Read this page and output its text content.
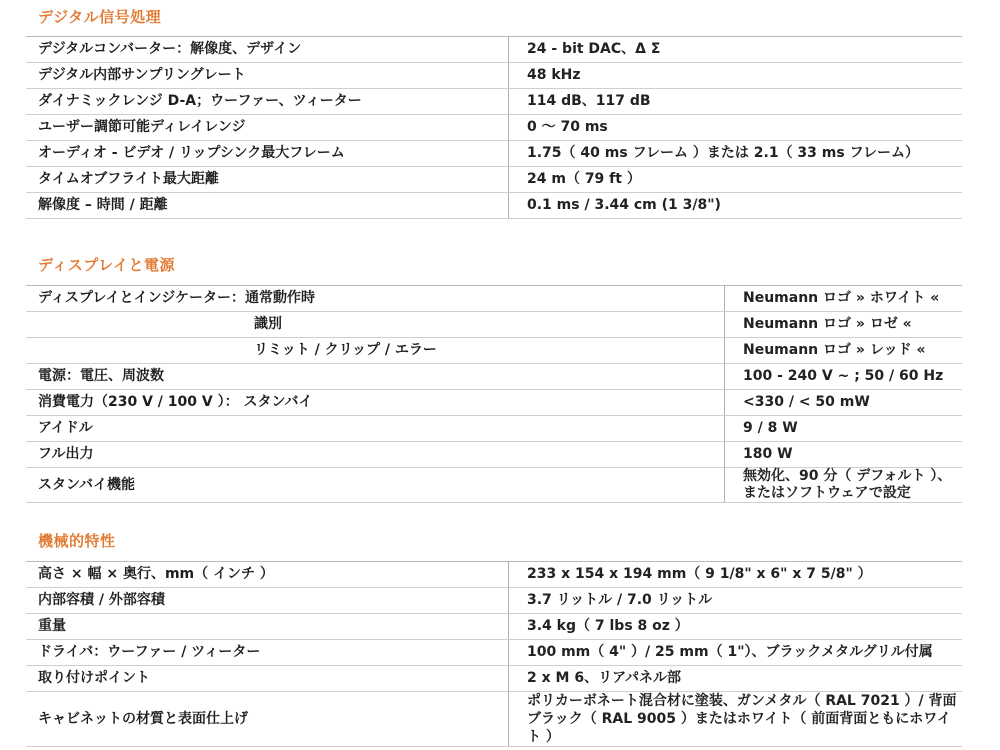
デジタル信号処理
デジタルコンバーター：解像度、デザイン	24 - bit DAC、Δ Σ
デジタル内部サンプリングレート	48 kHz
ダイナミックレンジ D-A；ウーファー、ツィーター	114 dB、117 dB
ユーザー調節可能ディレイレンジ	0 〜 70 ms
オーディオ - ビデオ / リップシンク最大フレーム	1.75（ 40 ms フレーム ）または 2.1（ 33 ms フレーム）
タイムオブフライト最大距離	24 m（ 79 ft ）
解像度 – 時間 / 距離	0.1 ms / 3.44 cm (1 3/8")
ディスプレイと電源
ディスプレイとインジケーター：通常動作時	Neumann ロゴ » ホワイト «
識別	Neumann ロゴ » ロゼ «
リミット / クリップ / エラー	Neumann ロゴ » レッド «
電源：電圧、周波数	100 - 240 V ~ ; 50 / 60 Hz
消費電力（230 V / 100 V ）： スタンバイ	<330 / < 50 mW
アイドル	9 / 8 W
フル出力	180 W
スタンバイ機能	無効化、90 分（ デフォルト ）、またはソフトウェアで設定
機械的特性
高さ × 幅 × 奥行、mm（ インチ ）	233 x 154 x 194 mm（ 9 1/8" x 6" x 7 5/8" ）
内部容積 / 外部容積	3.7 リットル / 7.0 リットル
重量	3.4 kg（ 7 lbs 8 oz ）
ドライバ：ウーファー / ツィーター	100 mm（ 4" ）/ 25 mm（ 1"）、ブラックメタルグリル付属
取り付けポイント	2 x M 6、リアパネル部
キャビネットの材質と表面仕上げ	ポリカーボネート混合材に塗装、ガンメタル（ RAL 7021 ）/ 背面ブラック（ RAL 9005 ）またはホワイト（ 前面背面ともにホワイト ）
